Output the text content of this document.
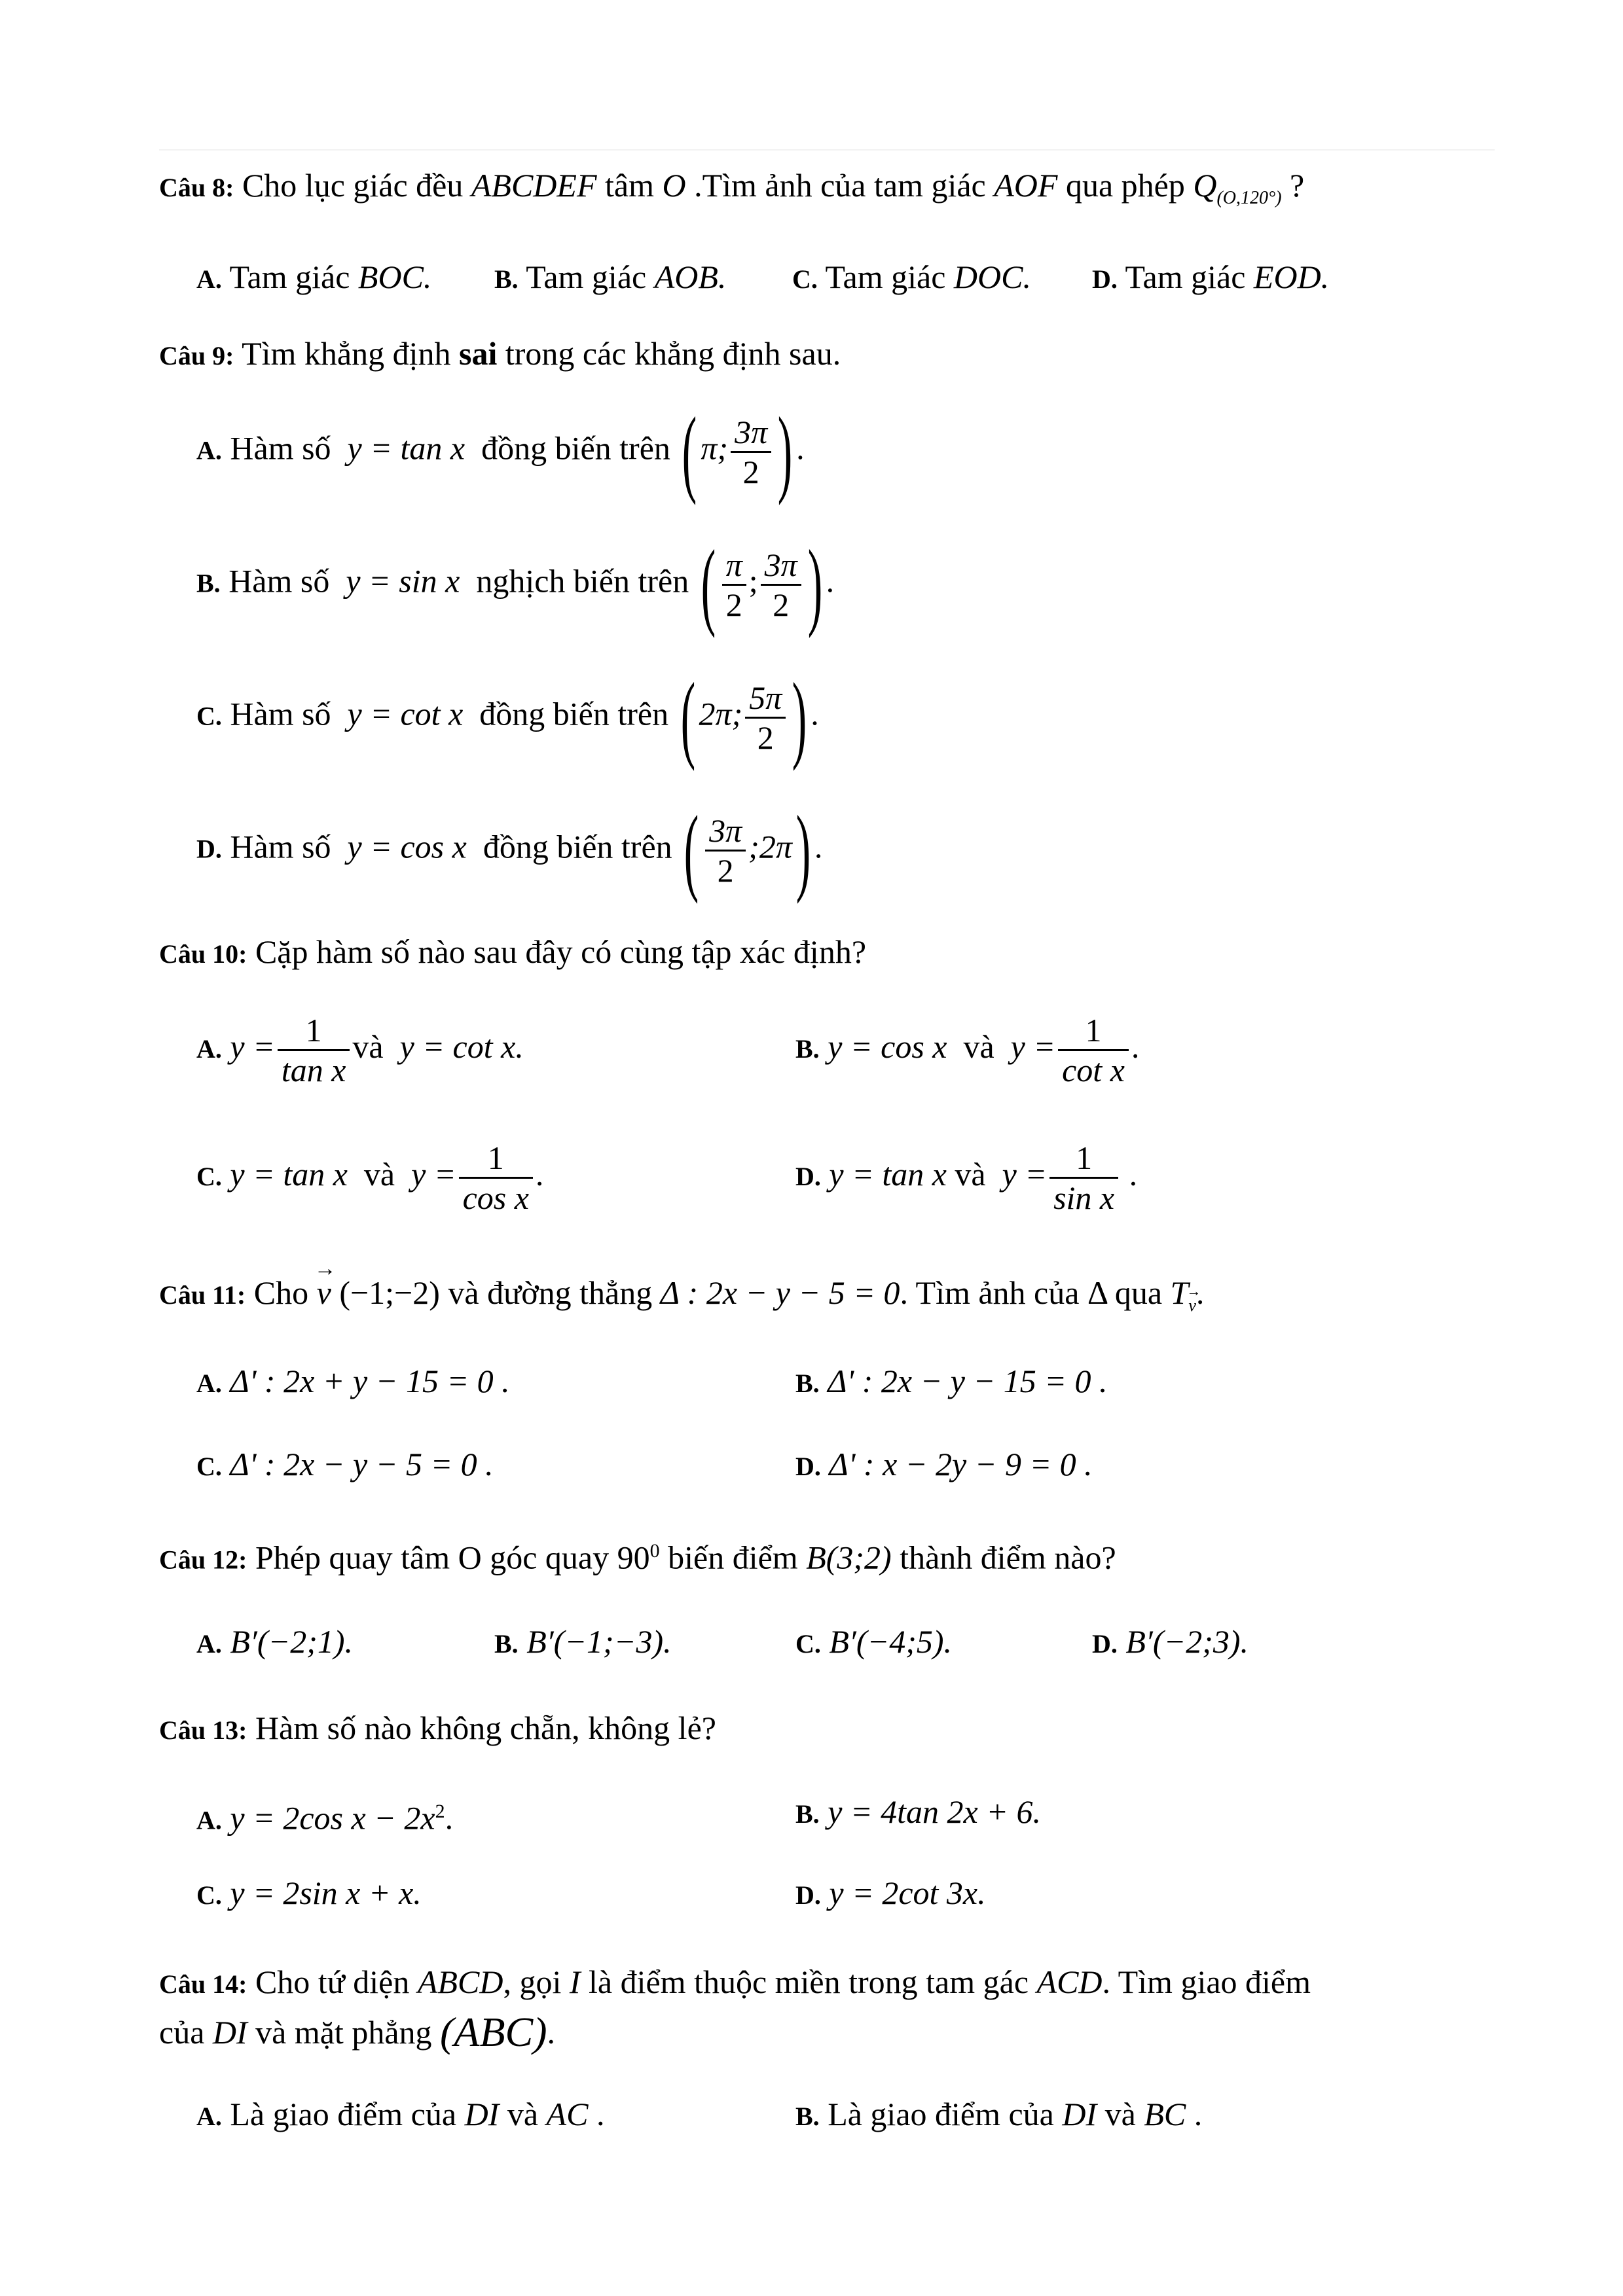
Câu 8: Cho lục giác đều ABCDEF tâm O .Tìm ảnh của tam giác AOF qua phép $Q_{(O,120^\circ)}$ ?
A. Tam giác BOC. B. Tam giác AOB.	C. Tam giác DOC. D. Tam giác EOD.
Câu 9: Tìm khẳng định sai trong các khẳng định sau.
A. Hàm số y = tan x đồng biến trên ( π; $\frac{3\pi}{2}$ ) .
B. Hàm số y = sin x nghịch biến trên ( $\frac{\pi}{2}$ ; $\frac{3\pi}{2}$ ) .
C. Hàm số y = cot x đồng biến trên ( 2π; $\frac{5\pi}{2}$ ) .
D. Hàm số y = cos x đồng biến trên ( $\frac{3\pi}{2}$ ;2π) .
Câu 10: Cặp hàm số nào sau đây có cùng tập xác định?
A. $y = \frac{1}{\text{tan x}}$ và y = cot x.	B. y = cos x và $y = \frac{1}{\text{cot x}}$ .
C. y = tan x và $y = \frac{1}{\text{cos x}}$ .	D. y = tan x và $y = \frac{1}{\text{sin x}}$ .
Câu 11: Cho → v (−1;−2) và đường thẳng Δ : 2x − y − 5 = 0. Tìm ảnh của Δ qua T→ $_v$.
A. Δ' : 2x + y − 15 = 0 .	B. Δ' : 2x − y − 15 = 0 .
C. Δ' : 2x − y − 5 = 0 .	D. Δ' : x − 2y − 9 = 0 .
Câu 12: Phép quay tâm O góc quay $90^0$ biến điểm B(3;2) thành điểm nào?
A. B′(−2;1).	B. B′(−1;−3).	C. B′(−4;5).	D. B′(−2;3).
Câu 13: Hàm số nào không chẵn, không lẻ?
A. y = 2cos $x - 2x^2$.	B. y = 4tan 2x + 6.
C. y = 2sin x + x.	D. y = 2cot 3x.
Câu 14: Cho tứ diện ABCD, gọi I là điểm thuộc miền trong tam gác ACD. Tìm giao điểm
của DI và mặt phẳng (ABC).
A. Là giao điểm của DI và AC .	B. Là giao điểm của DI và BC .
